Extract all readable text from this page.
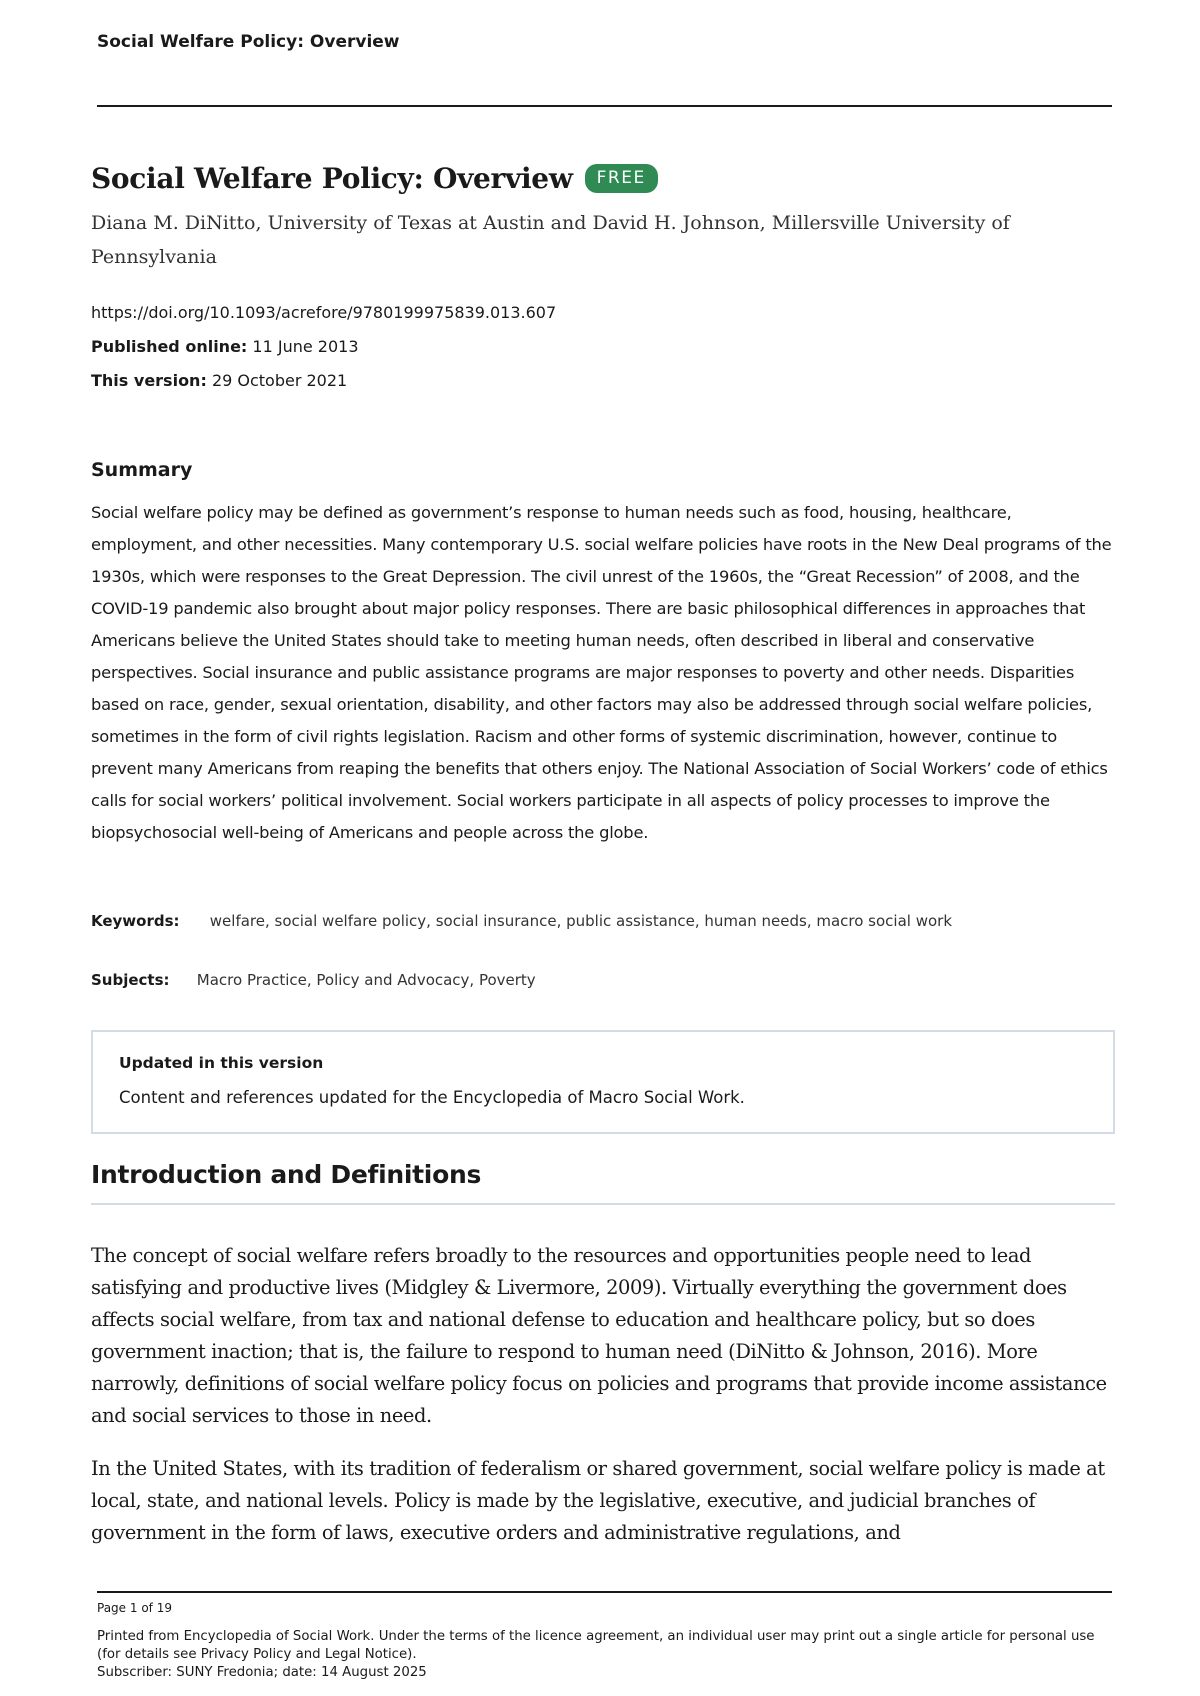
Social Welfare Policy: Overview
Social Welfare Policy: Overview	FREE
Diana M. DiNitto, University of Texas at Austin and David H. Johnson, Millersville University of Pennsylvania
https://doi.org/10.1093/acrefore/9780199975839.013.607
Published online: 11 June 2013
This version: 29 October 2021
Summary
Social welfare policy may be defined as government’s response to human needs such as food, housing, healthcare, employment, and other necessities. Many contemporary U.S. social welfare policies have roots in the New Deal programs of the 1930s, which were responses to the Great Depression. The civil unrest of the 1960s, the “Great Recession” of 2008, and the COVID-19 pandemic also brought about major policy responses. There are basic philosophical differences in approaches that Americans believe the United States should take to meeting human needs, often described in liberal and conservative perspectives. Social insurance and public assistance programs are major responses to poverty and other needs. Disparities based on race, gender, sexual orientation, disability, and other factors may also be addressed through social welfare policies, sometimes in the form of civil rights legislation. Racism and other forms of systemic discrimination, however, continue to prevent many Americans from reaping the benefits that others enjoy. The National Association of Social Workers’ code of ethics calls for social workers’ political involvement. Social workers participate in all aspects of policy processes to improve the biopsychosocial well-being of Americans and people across the globe.
Keywords: welfare, social welfare policy, social insurance, public assistance, human needs, macro social work
Subjects: Macro Practice, Policy and Advocacy, Poverty
Updated in this version
Content and references updated for the Encyclopedia of Macro Social Work.
Introduction and Definitions
The concept of social welfare refers broadly to the resources and opportunities people need to lead satisfying and productive lives (Midgley & Livermore, 2009). Virtually everything the government does affects social welfare, from tax and national defense to education and healthcare policy, but so does government inaction; that is, the failure to respond to human need (DiNitto & Johnson, 2016). More narrowly, definitions of social welfare policy focus on policies and programs that provide income assistance and social services to those in need.
In the United States, with its tradition of federalism or shared government, social welfare policy is made at local, state, and national levels. Policy is made by the legislative, executive, and judicial branches of government in the form of laws, executive orders and administrative regulations, and
Page 1 of 19
Printed from Encyclopedia of Social Work. Under the terms of the licence agreement, an individual user may print out a single article for personal use (for details see Privacy Policy and Legal Notice).
Subscriber: SUNY Fredonia; date: 14 August 2025
